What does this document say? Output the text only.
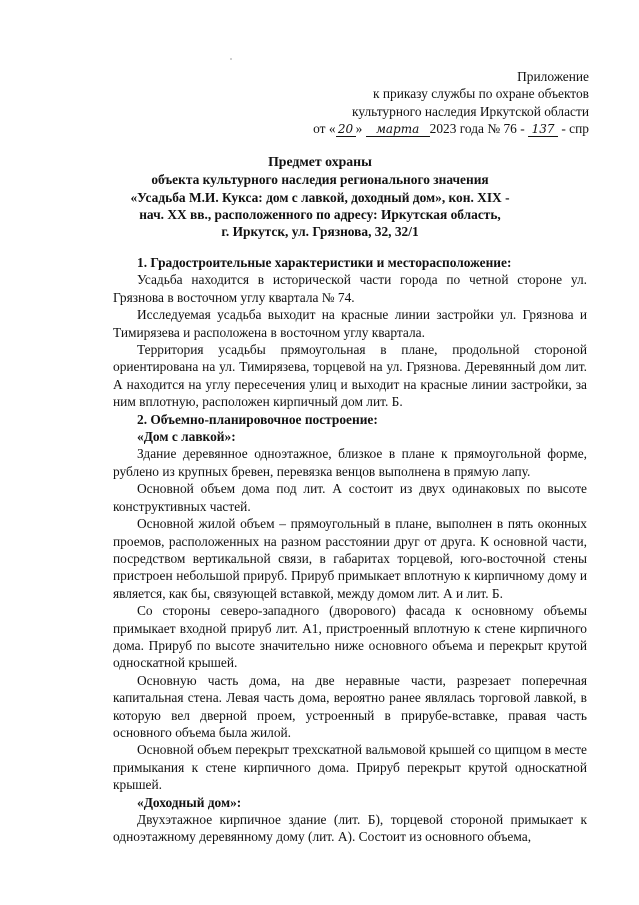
Приложение
к приказу службы по охране объектов
культурного наследия Иркутской области
от « 20 » марта 2023 года № 76 - 137 - спр
Предмет охраны
объекта культурного наследия регионального значения
«Усадьба М.И. Кукса: дом с лавкой, доходный дом», кон. XIX -
нач. XX вв., расположенного по адресу: Иркутская область,
г. Иркутск, ул. Грязнова, 32, 32/1

1. Градостроительные характеристики и месторасположение:

Усадьба находится в исторической части города по четной стороне ул. Грязнова в восточном углу квартала № 74.

Исследуемая усадьба выходит на красные линии застройки ул. Грязнова и Тимирязева и расположена в восточном углу квартала.

Территория усадьбы прямоугольная в плане, продольной стороной ориентирована на ул. Тимирязева, торцевой на ул. Грязнова. Деревянный дом лит. А находится на углу пересечения улиц и выходит на красные линии застройки, за ним вплотную, расположен кирпичный дом лит. Б.

2. Объемно-планировочное построение:

«Дом с лавкой»:

Здание деревянное одноэтажное, близкое в плане к прямоугольной форме, рублено из крупных бревен, перевязка венцов выполнена в прямую лапу.

Основной объем дома под лит. А состоит из двух одинаковых по высоте конструктивных частей.

Основной жилой объем – прямоугольный в плане, выполнен в пять оконных проемов, расположенных на разном расстоянии друг от друга. К основной части, посредством вертикальной связи, в габаритах торцевой, юго-восточной стены пристроен небольшой прируб. Прируб примыкает вплотную к кирпичному дому и является, как бы, связующей вставкой, между домом лит. А и лит. Б.

Со стороны северо-западного (дворового) фасада к основному объемы примыкает входной прируб лит. А1, пристроенный вплотную к стене кирпичного дома. Прируб по высоте значительно ниже основного объема и перекрыт крутой односкатной крышей.

Основную часть дома, на две неравные части, разрезает поперечная капитальная стена. Левая часть дома, вероятно ранее являлась торговой лавкой, в которую вел дверной проем, устроенный в прирубе-вставке, правая часть основного объема была жилой.

Основной объем перекрыт трехскатной вальмовой крышей со щипцом в месте примыкания к стене кирпичного дома. Прируб перекрыт крутой односкатной крышей.

«Доходный дом»:

Двухэтажное кирпичное здание (лит. Б), торцевой стороной примыкает к одноэтажному деревянному дому (лит. А). Состоит из основного объема,
